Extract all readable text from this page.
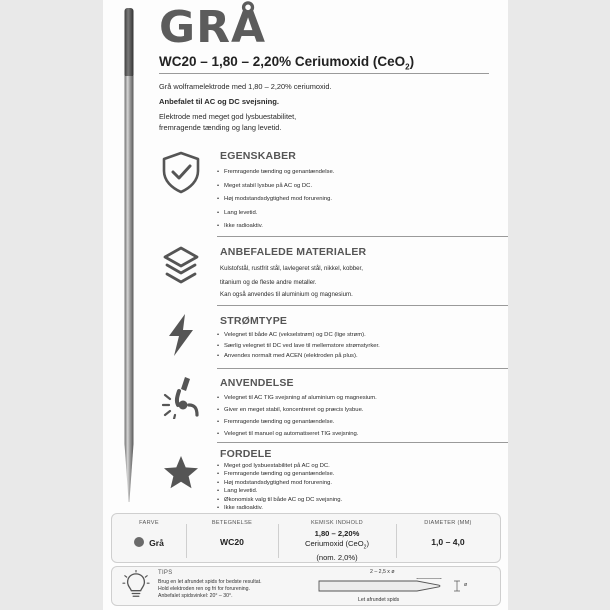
GRÅ
WC20 – 1,80 – 2,20% Ceriumoxid (CeO$_2$)
Grå wolframelektrode med 1,80 – 2,20% ceriumoxid.
Anbefalet til AC og DC svejsning.
Elektrode med meget god lysbuestabilitet,
fremragende tænding og lang levetid.
EGENSKABER
• Fremragende tænding og genantændelse.
• Meget stabil lysbue på AC og DC.
• Høj modstandsdygtighed mod forurening.
• Lang levetid.
• Ikke radioaktiv.
ANBEFALEDE MATERIALER
Kulstofstål, rustfrit stål, lavlegeret stål, nikkel, kobber,
titanium og de fleste andre metaller.
Kan også anvendes til aluminium og magnesium.
STRØMTYPE
• Velegnet til både AC (vekselstrøm) og DC (lige strøm).
• Særlig velegnet til DC ved lave til mellemstore strømstyrker.
• Anvendes normalt med ACEN (elektroden på plus).
ANVENDELSE
• Velegnet til AC TIG svejsning af aluminium og magnesium.
• Giver en meget stabil, koncentreret og præcis lysbue.
• Fremragende tænding og genantændelse.
• Velegnet til manuel og automatiseret TIG svejsning.
FORDELE
• Meget god lysbuestabilitet på AC og DC.
• Fremragende tænding og genantændelse.
• Høj modstandsdygtighed mod forurening.
• Lang levetid.
• Økonomisk valg til både AC og DC svejsning.
• Ikke radioaktiv.
FARVE
Grå
BETEGNELSE
WC20
KEMISK INDHOLD
1,80 – 2,20%
Ceriumoxid (CeO$_2$)
(nom. 2,0%)
DIAMETER (MM)
1,0 – 4,0
TIPS
Brug en let afrundet spids for bedste resultat.
Hold elektroden ren og fri for forurening.
Anbefalet spidsvinkel: 20° – 30°.
2 – 2,5 x ø
ø
Let afrundet spids
